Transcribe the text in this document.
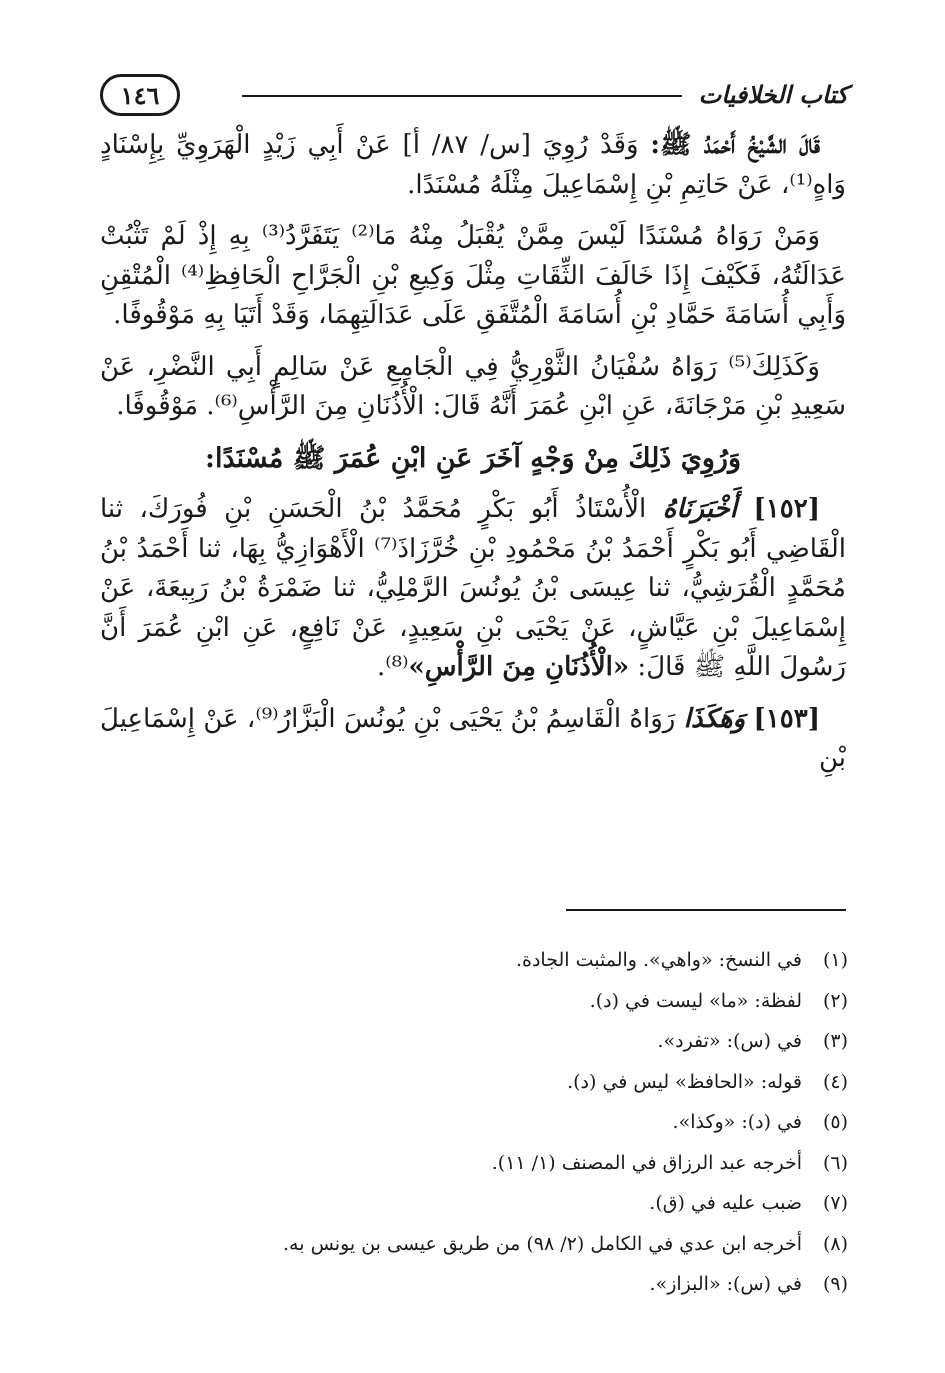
١٤٦	كتاب الخلافيات

قَالَ الشَّيْخُ أَحْمَدُ ﷺ: وَقَدْ رُوِيَ [س/ ٨٧/ أ] عَنْ أَبِي زَيْدٍ الْهَرَوِيِّ بِإِسْنَادٍ وَاهٍ⁽¹⁾، عَنْ حَاتِمِ بْنِ إِسْمَاعِيلَ مِثْلَهُ مُسْنَدًا.

وَمَنْ رَوَاهُ مُسْنَدًا لَيْسَ مِمَّنْ يُقْبَلُ مِنْهُ مَا⁽²⁾ يَتَفَرَّدُ⁽³⁾ بِهِ إِذْ لَمْ تَثْبُتْ عَدَالَتُهُ، فَكَيْفَ إِذَا خَالَفَ الثِّقَاتِ مِثْلَ وَكِيعِ بْنِ الْجَرَّاحِ الْحَافِظِ⁽⁴⁾ الْمُتْقِنِ وَأَبِي أُسَامَةَ حَمَّادِ بْنِ أُسَامَةَ الْمُتَّفَقِ عَلَى عَدَالَتِهِمَا، وَقَدْ أَتَيَا بِهِ مَوْقُوفًا.

وَكَذَلِكَ⁽⁵⁾ رَوَاهُ سُفْيَانُ الثَّوْرِيُّ فِي الْجَامِعِ عَنْ سَالِمٍ أَبِي النَّضْرِ، عَنْ سَعِيدِ بْنِ مَرْجَانَةَ، عَنِ ابْنِ عُمَرَ أَنَّهُ قَالَ: الْأُذُنَانِ مِنَ الرَّأْسِ⁽⁶⁾. مَوْقُوفًا.

وَرُوِيَ ذَلِكَ مِنْ وَجْهٍ آخَرَ عَنِ ابْنِ عُمَرَ ﷺ مُسْنَدًا:

[١٥٢] أَخْبَرَنَاهُ الْأُسْتَاذُ أَبُو بَكْرٍ مُحَمَّدُ بْنُ الْحَسَنِ بْنِ فُورَكَ، ثنا الْقَاضِي أَبُو بَكْرٍ أَحْمَدُ بْنُ مَحْمُودِ بْنِ خُرَّزَاذَ⁽⁷⁾ الْأَهْوَازِيُّ بِهَا، ثنا أَحْمَدُ بْنُ مُحَمَّدٍ الْقُرَشِيُّ، ثنا عِيسَى بْنُ يُونُسَ الرَّمْلِيُّ، ثنا ضَمْرَةُ بْنُ رَبِيعَةَ، عَنْ إِسْمَاعِيلَ بْنِ عَيَّاشٍ، عَنْ يَحْيَى بْنِ سَعِيدٍ، عَنْ نَافِعٍ، عَنِ ابْنِ عُمَرَ أَنَّ رَسُولَ اللَّهِ ﷺ قَالَ: «الْأُذُنَانِ مِنَ الرَّأْسِ»⁽⁸⁾.

[١٥٣] وَهَكَذَا رَوَاهُ الْقَاسِمُ بْنُ يَحْيَى بْنِ يُونُسَ الْبَزَّارُ⁽⁹⁾، عَنْ إِسْمَاعِيلَ بْنِ

(١)في النسخ: «واهي». والمثبت الجادة.
(٢)لفظة: «ما» ليست في (د).
(٣)في (س): «تفرد».
(٤)قوله: «الحافظ» ليس في (د).
(٥)في (د): «وكذا».
(٦)أخرجه عبد الرزاق في المصنف (١/ ١١).
(٧)ضبب عليه في (ق).
(٨)أخرجه ابن عدي في الكامل (٢/ ٩٨) من طريق عيسى بن يونس به.
(٩)في (س): «البزاز».
